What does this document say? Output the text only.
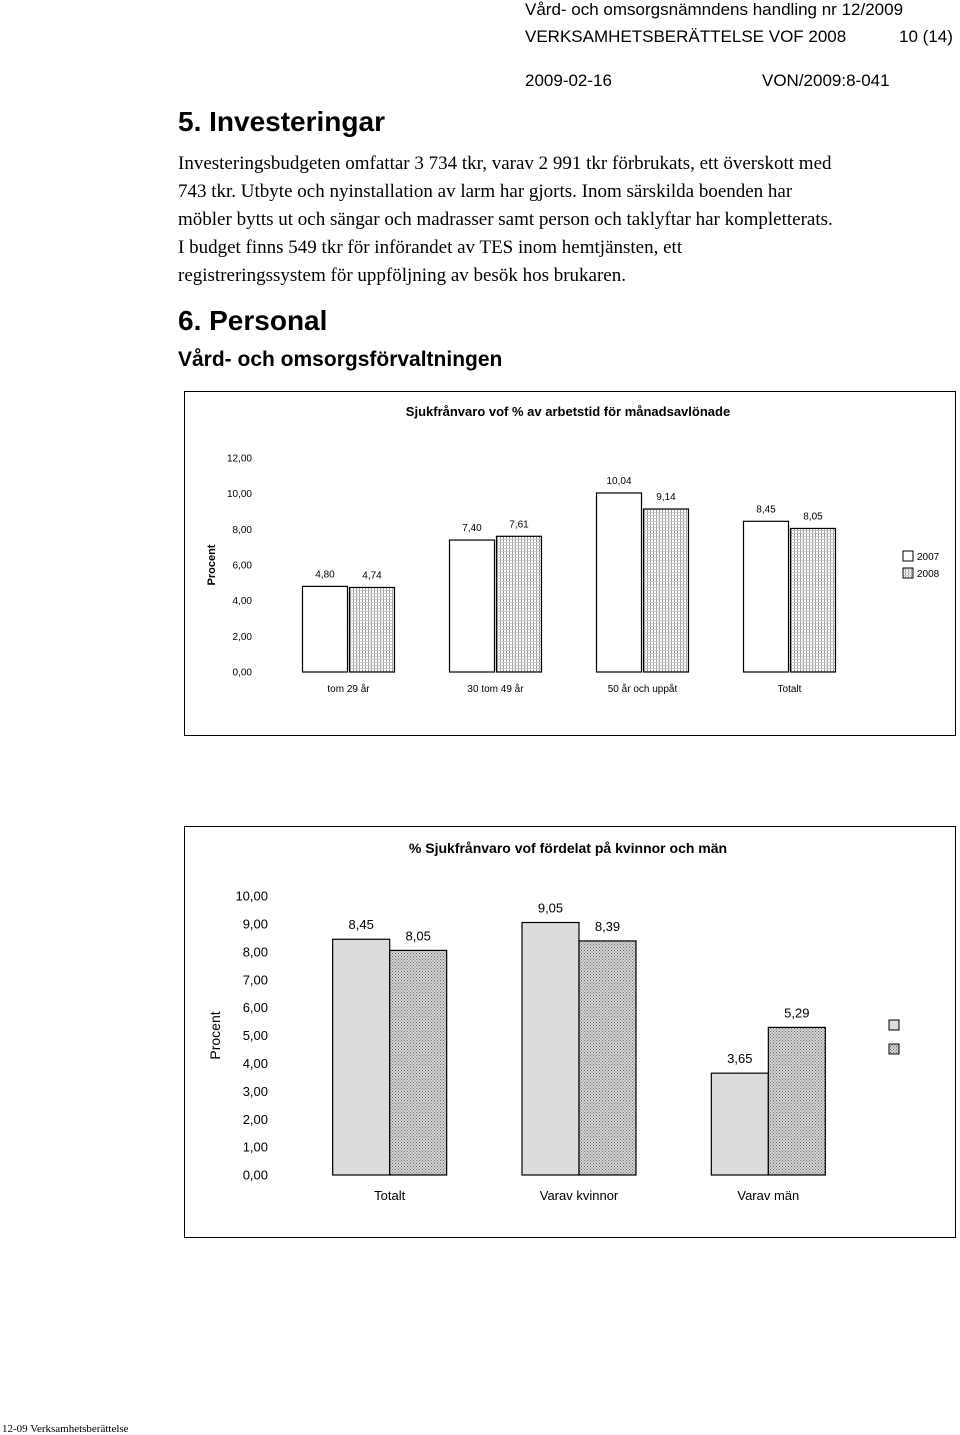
Vård- och omsorgsnämndens handling nr 12/2009
VERKSAMHETSBERÄTTELSE VOF 2008	10 (14)
2009-02-16	VON/2009:8-041
5. Investeringar

Investeringsbudgeten omfattar 3 734 tkr, varav 2 991 tkr förbrukats, ett överskott med

743 tkr. Utbyte och nyinstallation av larm har gjorts. Inom särskilda boenden har

möbler bytts ut och sängar och madrasser samt person och taklyftar har kompletterats.

I budget finns 549 tkr för införandet av TES inom hemtjänsten, ett

registreringssystem för uppföljning av besök hos brukaren.

6. Personal
Vård- och omsorgsförvaltningen
Sjukfrånvaro vof % av arbetstid för månadsavlönade
Procent
0,00
2,00
4,00
6,00
8,00
10,00
12,00
4,80	4,74
tom 29 år
7,40	7,61
30 tom 49 år
10,04
9,14
50 år och uppåt
8,45
8,05
Totalt
2007
2008
% Sjukfrånvaro vof fördelat på kvinnor och män
Procent
0,00
1,00
2,00
3,00
4,00
5,00
6,00
7,00
8,00
9,00
10,00
8,45
8,05
Totalt
9,05
8,39
Varav kvinnor
3,65
5,29
Varav män
12-09 Verksamhetsberättelse
